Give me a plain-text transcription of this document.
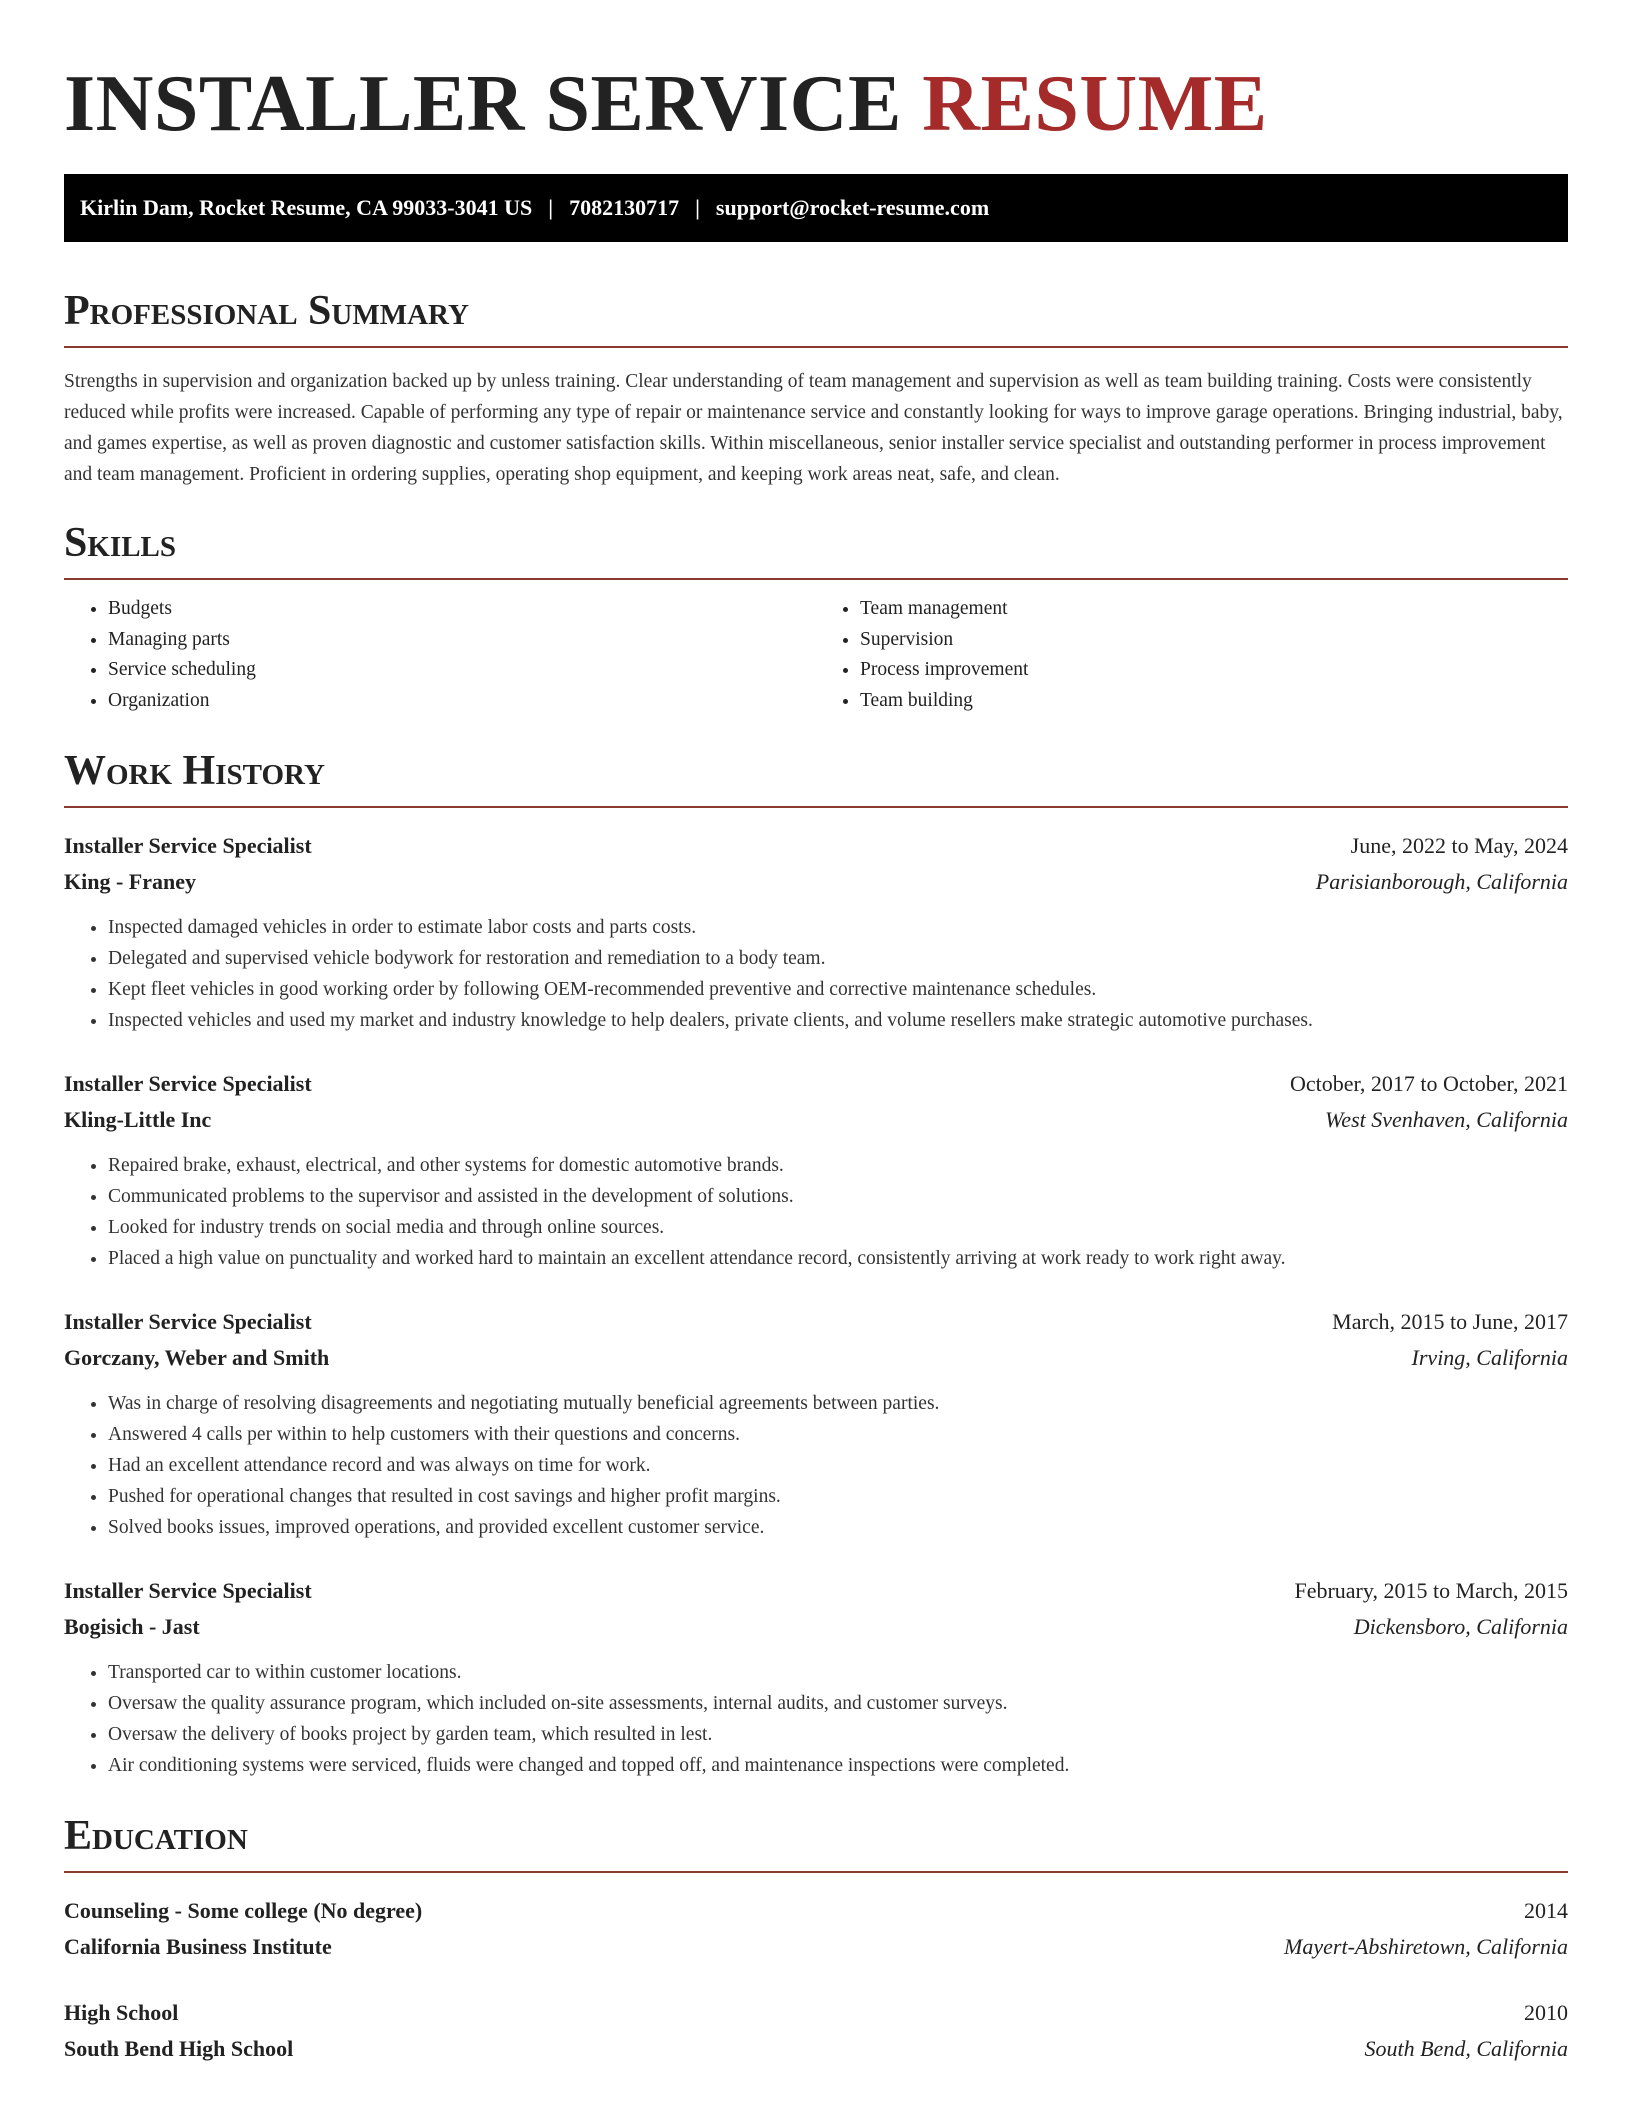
INSTALLER SERVICE RESUME
Kirlin Dam, Rocket Resume, CA 99033-3041 US | 7082130717 | support@rocket-resume.com
Professional Summary

Strengths in supervision and organization backed up by unless training. Clear understanding of team management and supervision as well as team building training. Costs were consistently reduced while profits were increased. Capable of performing any type of repair or maintenance service and constantly looking for ways to improve garage operations. Bringing industrial, baby, and games expertise, as well as proven diagnostic and customer satisfaction skills. Within miscellaneous, senior installer service specialist and outstanding performer in process improvement and team management. Proficient in ordering supplies, operating shop equipment, and keeping work areas neat, safe, and clean.

Skills
• Budgets
• Managing parts
• Service scheduling
• Organization
• Team management
• Supervision
• Process improvement
• Team building
Work History
Installer Service Specialist	June, 2022 to May, 2024
King - Franey	Parisianborough, California
• Inspected damaged vehicles in order to estimate labor costs and parts costs.
• Delegated and supervised vehicle bodywork for restoration and remediation to a body team.
• Kept fleet vehicles in good working order by following OEM-recommended preventive and corrective maintenance schedules.
• Inspected vehicles and used my market and industry knowledge to help dealers, private clients, and volume resellers make strategic automotive purchases.
Installer Service Specialist	October, 2017 to October, 2021
Kling-Little Inc	West Svenhaven, California
• Repaired brake, exhaust, electrical, and other systems for domestic automotive brands.
• Communicated problems to the supervisor and assisted in the development of solutions.
• Looked for industry trends on social media and through online sources.
• Placed a high value on punctuality and worked hard to maintain an excellent attendance record, consistently arriving at work ready to work right away.
Installer Service Specialist	March, 2015 to June, 2017
Gorczany, Weber and Smith	Irving, California
• Was in charge of resolving disagreements and negotiating mutually beneficial agreements between parties.
• Answered 4 calls per within to help customers with their questions and concerns.
• Had an excellent attendance record and was always on time for work.
• Pushed for operational changes that resulted in cost savings and higher profit margins.
• Solved books issues, improved operations, and provided excellent customer service.
Installer Service Specialist	February, 2015 to March, 2015
Bogisich - Jast	Dickensboro, California
• Transported car to within customer locations.
• Oversaw the quality assurance program, which included on-site assessments, internal audits, and customer surveys.
• Oversaw the delivery of books project by garden team, which resulted in lest.
• Air conditioning systems were serviced, fluids were changed and topped off, and maintenance inspections were completed.
Education
Counseling - Some college (No degree)	2014
California Business Institute	Mayert-Abshiretown, California
High School	2010
South Bend High School	South Bend, California
